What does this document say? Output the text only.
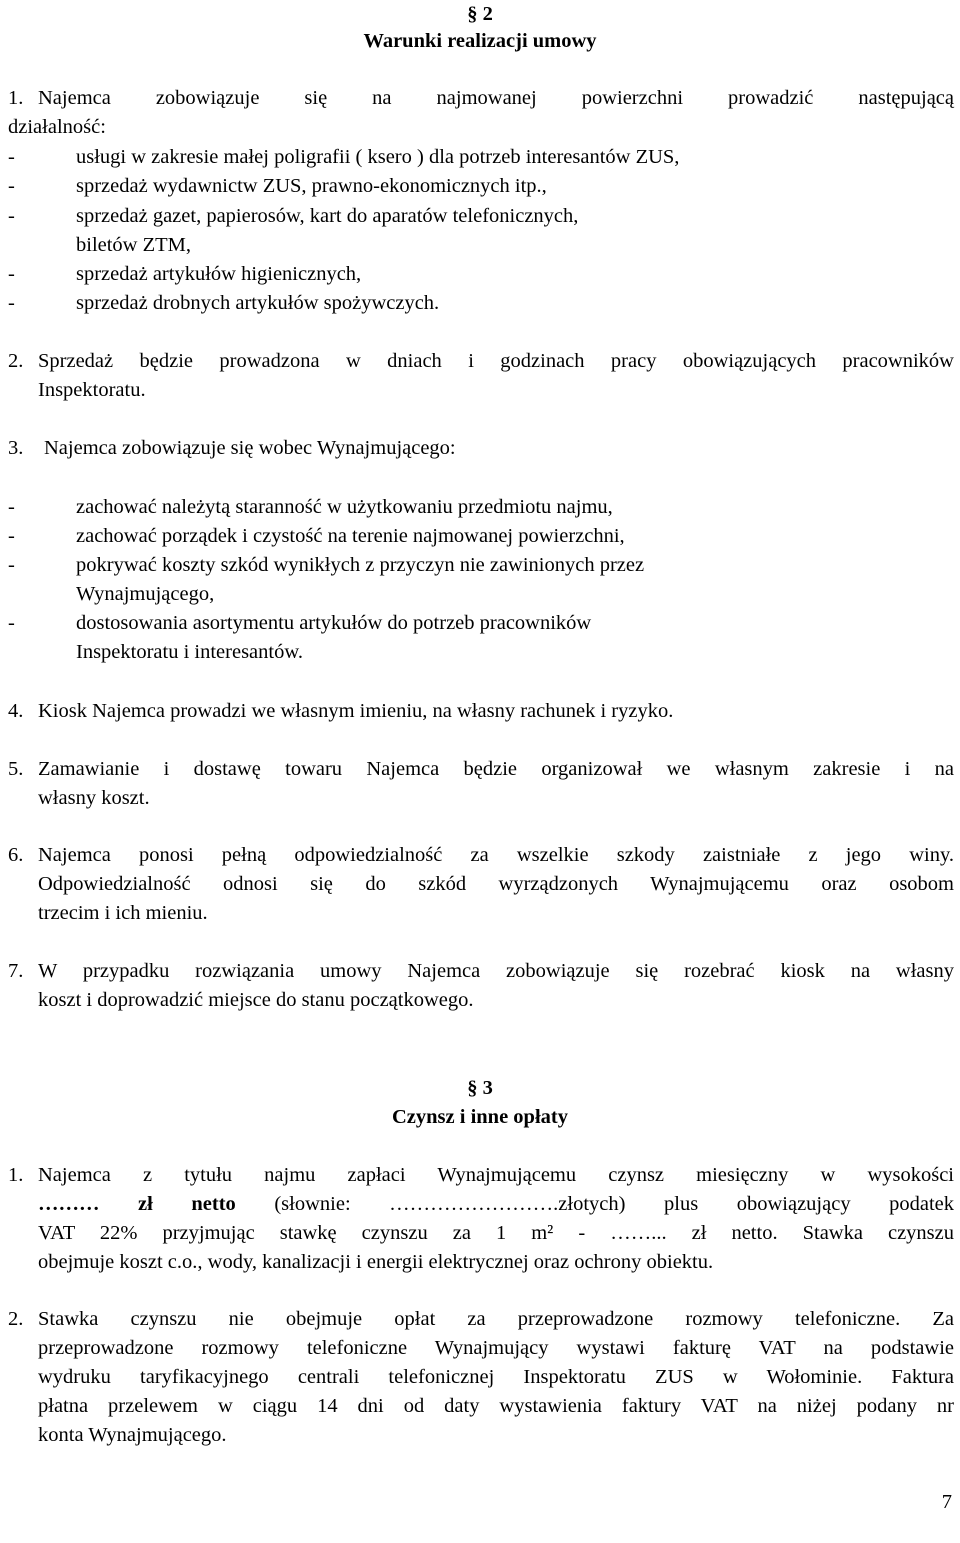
§ 2
Warunki realizacji umowy
1. Najemca zobowiązuje się na najmowanej powierzchni prowadzić następującą
działalność:
-	usługi w zakresie małej poligrafii ( ksero ) dla potrzeb interesantów ZUS,
-	sprzedaż wydawnictw ZUS, prawno-ekonomicznych itp.,
-	sprzedaż gazet, papierosów, kart do aparatów telefonicznych,
biletów ZTM,
-	sprzedaż artykułów higienicznych,
-	sprzedaż drobnych artykułów spożywczych.
2. Sprzedaż będzie prowadzona w dniach i godzinach pracy obowiązujących pracowników
Inspektoratu.
3. Najemca zobowiązuje się wobec Wynajmującego:
-	zachować należytą staranność w użytkowaniu przedmiotu najmu,
-	zachować porządek i czystość na terenie najmowanej powierzchni,
-	pokrywać koszty szkód wynikłych z przyczyn nie zawinionych przez
Wynajmującego,
-	dostosowania asortymentu artykułów do potrzeb pracowników
Inspektoratu i interesantów.
4. Kiosk Najemca prowadzi we własnym imieniu, na własny rachunek i ryzyko.
5. Zamawianie i dostawę towaru Najemca będzie organizował we własnym zakresie i na
własny koszt.
6. Najemca ponosi pełną odpowiedzialność za wszelkie szkody zaistniałe z jego winy.
Odpowiedzialność odnosi się do szkód wyrządzonych Wynajmującemu oraz osobom
trzecim i ich mieniu.
7. W przypadku rozwiązania umowy Najemca zobowiązuje się rozebrać kiosk na własny
koszt i doprowadzić miejsce do stanu początkowego.
§ 3
Czynsz i inne opłaty
1. Najemca z tytułu najmu zapłaci Wynajmującemu czynsz miesięczny w wysokości
……… zł netto (słownie: …………………….złotych) plus obowiązujący podatek
VAT 22% przyjmując stawkę czynszu za 1 m² - ……... zł netto. Stawka czynszu
obejmuje koszt c.o., wody, kanalizacji i energii elektrycznej oraz ochrony obiektu.
2. Stawka czynszu nie obejmuje opłat za przeprowadzone rozmowy telefoniczne. Za
przeprowadzone rozmowy telefoniczne Wynajmujący wystawi fakturę VAT na podstawie
wydruku taryfikacyjnego centrali telefonicznej Inspektoratu ZUS w Wołominie. Faktura
płatna przelewem w ciągu 14 dni od daty wystawienia faktury VAT na niżej podany nr
konta Wynajmującego.
7
